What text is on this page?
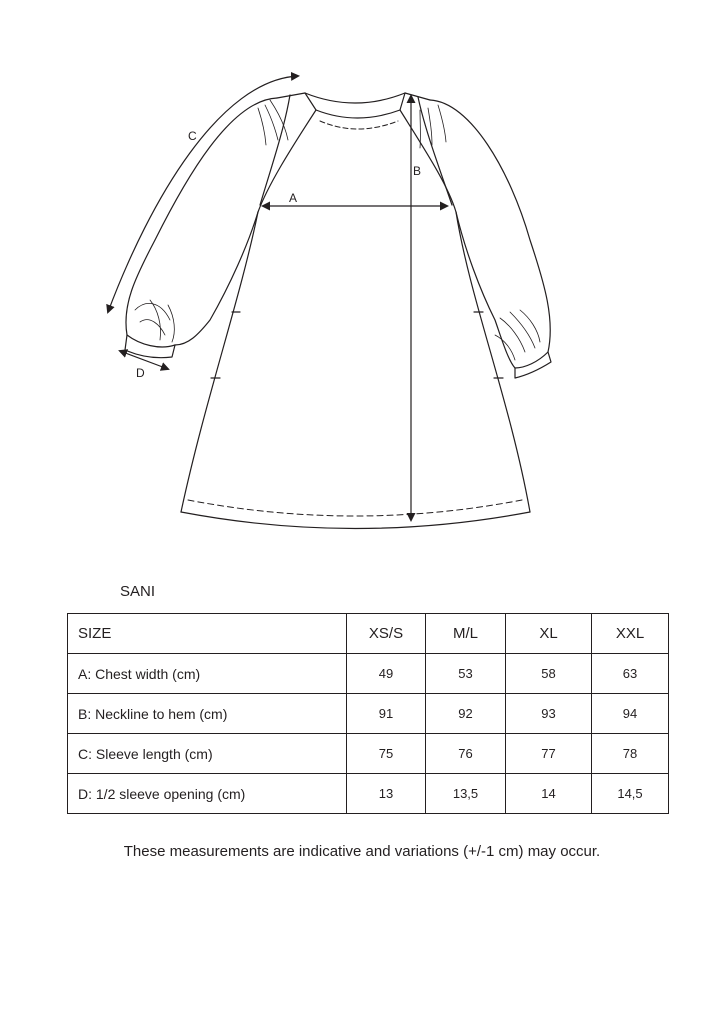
A
B
C
D
SANI
SIZE	XS/S	M/L	XL	XXL
A: Chest width (cm)	49	53	58	63
B: Neckline to hem (cm)	91	92	93	94
C: Sleeve length (cm)	75	76	77	78
D: 1/2 sleeve opening (cm)	13	13,5	14	14,5
These measurements are indicative and variations (+/-1 cm) may occur.
